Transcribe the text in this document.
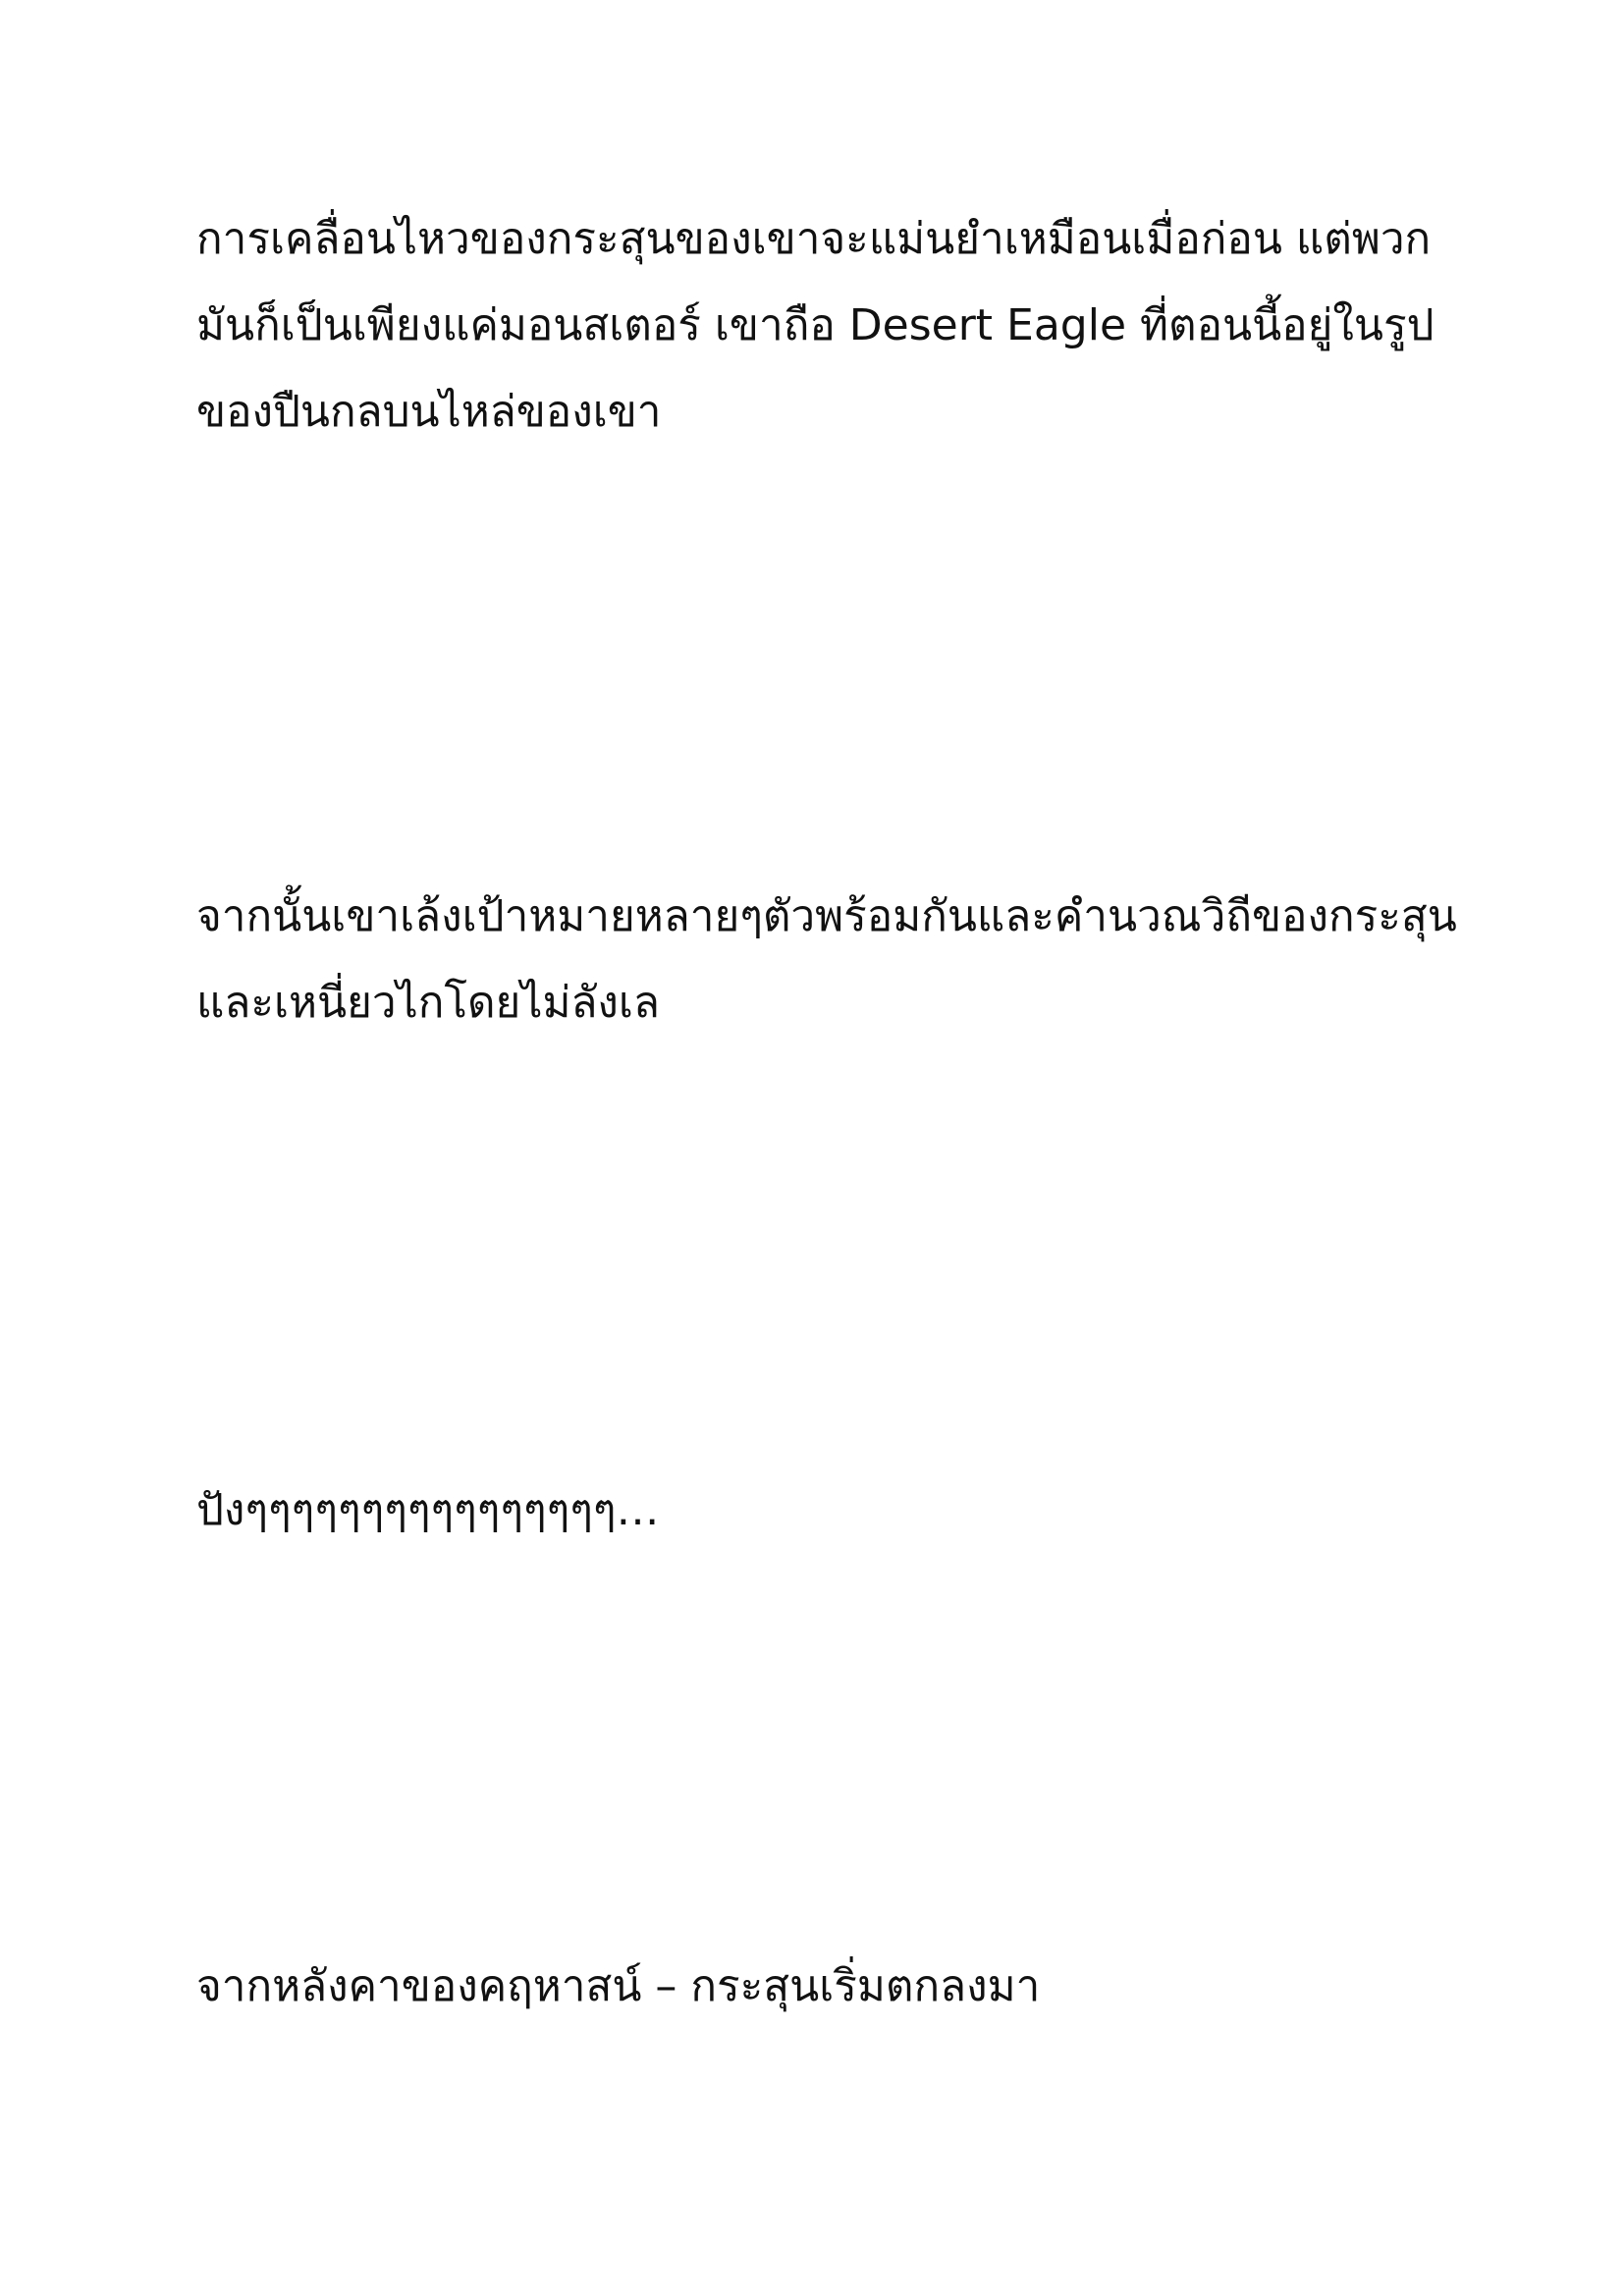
การเคลื่อนไหวของกระสุนของเขาจะแม่นยำเหมือนเมื่อก่อน แต่พวก
มันก็เป็นเพียงแค่มอนสเตอร์ เขาถือ Desert Eagle ที่ตอนนี้อยู่ในรูป
ของปืนกลบนไหล่ของเขา

จากนั้นเขาเล้งเป้าหมายหลายๆตัวพร้อมกันและคำนวณวิถีของกระสุน
และเหนี่ยวไกโดยไม่ลังเล

ปังๆๆๆๆๆๆๆๆๆๆๆๆๆๆๆๆ…

จากหลังคาของคฤหาสน์ – กระสุนเริ่มตกลงมา
